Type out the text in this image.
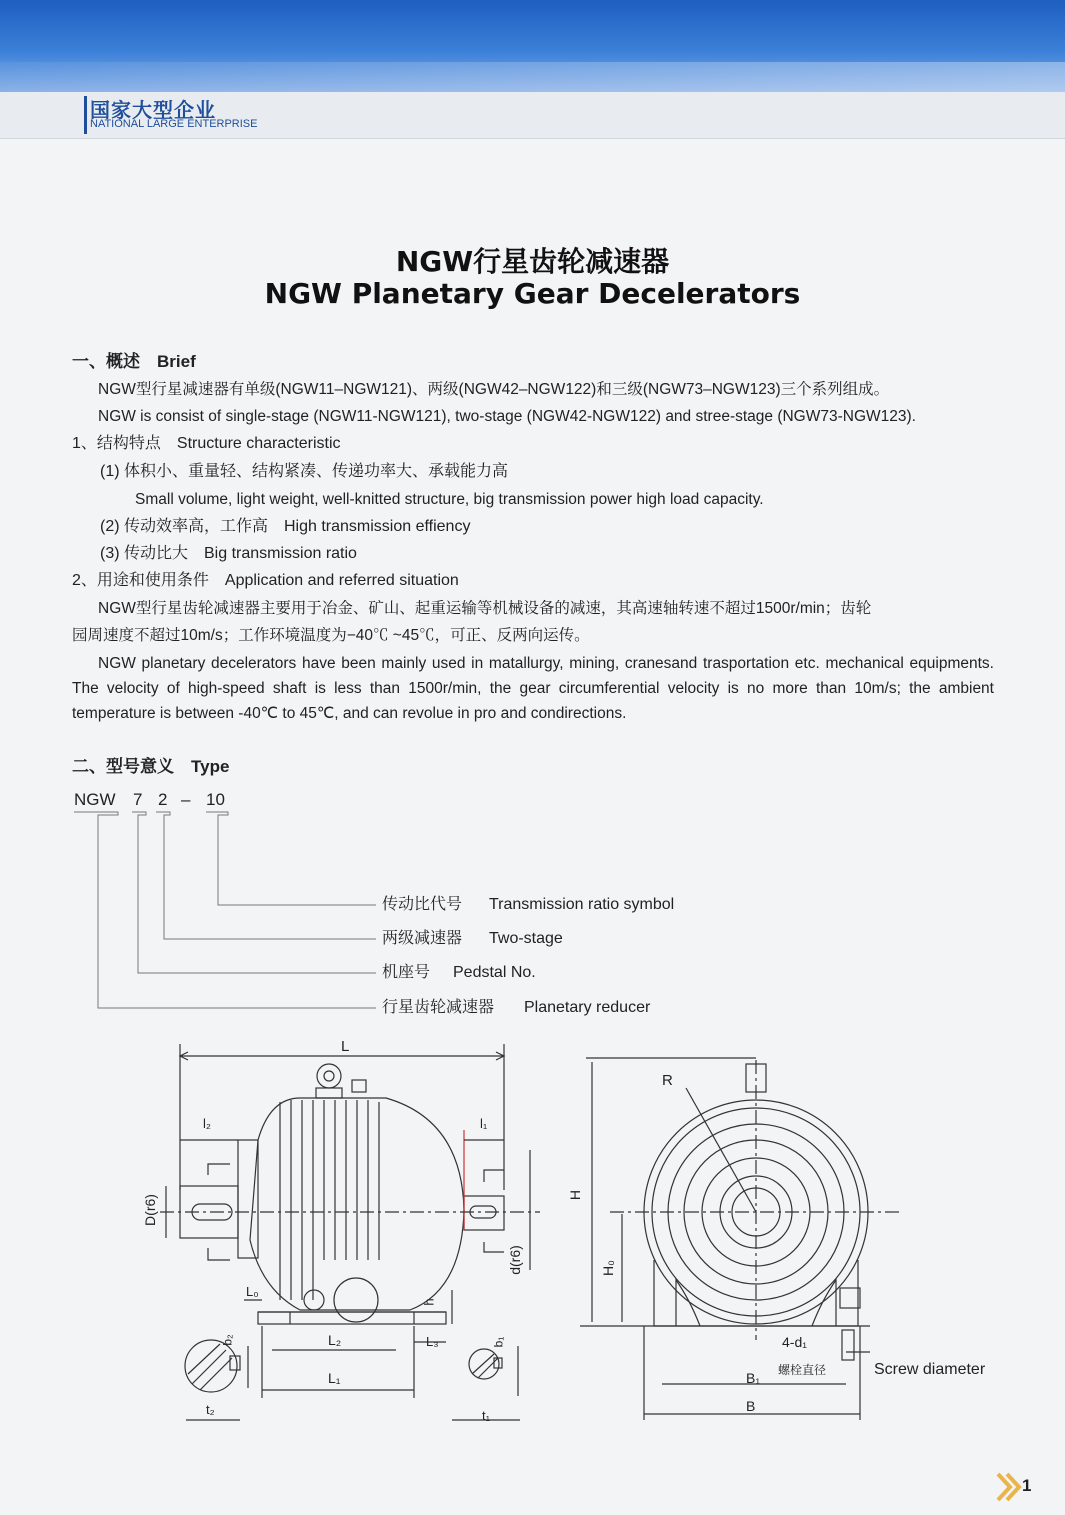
国家大型企业
NATIONAL LARGE ENTERPRISE
NGW行星齿轮减速器
NGW Planetary Gear Decelerators
一、概述　Brief
NGW型行星减速器有单级(NGW11–NGW121)、两级(NGW42–NGW122)和三级(NGW73–NGW123)三个系列组成。
NGW is consist of single-stage (NGW11-NGW121), two-stage (NGW42-NGW122) and stree-stage (NGW73-NGW123).
1、结构特点　Structure characteristic
(1) 体积小、重量轻、结构紧凑、传递功率大、承载能力高
Small volume, light weight, well-knitted structure, big transmission power high load capacity.
(2) 传动效率高，工作高　High transmission effiency
(3) 传动比大　Big transmission ratio
2、用途和使用条件　Application and referred situation
NGW型行星齿轮减速器主要用于冶金、矿山、起重运输等机械设备的减速，其高速轴转速不超过1500r/min；齿轮
园周速度不超过10m/s；工作环境温度为−40℃ ~45℃，可正、反两向运传。
NGW planetary decelerators have been mainly used in matallurgy, mining, cranesand trasportation etc. mechanical equipments. The velocity of high-speed shaft is less than 1500r/min, the gear circumferential velocity is no more than 10m/s; the ambient temperature is between -40℃ to 45℃, and can revolue in pro and condirections.
二、型号意义　Type
NGW 7 2 – 10
传动比代号 Transmission ratio symbol
两级减速器 Two-stage
机座号 Pedstal No.
行星齿轮减速器 Planetary reducer
L
l₂	l₁
D(r6)
d(r6)
L₀
h
L₂
L₁
L₃
b₂	b₁
t₂	t₁
R
H
H₀
4-d₁
螺栓直径	Screw diameter
B₁
B
1
